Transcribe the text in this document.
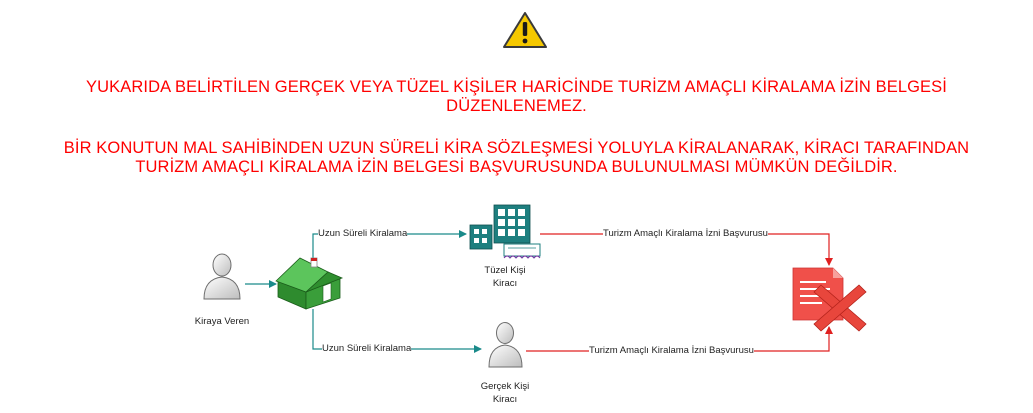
YUKARIDA BELİRTİLEN GERÇEK VEYA TÜZEL KİŞİLER HARİCİNDE TURİZM AMAÇLI KİRALAMA İZİN BELGESİ
DÜZENLENEMEZ.
BİR KONUTUN MAL SAHİBİNDEN UZUN SÜRELİ KİRA SÖZLEŞMESİ YOLUYLA KİRALANARAK, KİRACI TARAFINDAN
TURİZM AMAÇLI KİRALAMA İZİN BELGESİ BAŞVURUSUNDA BULUNULMASI MÜMKÜN DEĞİLDİR.
Uzun Süreli Kiralama
Uzun Süreli Kiralama
Turizm Amaçlı Kiralama İzni Başvurusu
Turizm Amaçlı Kiralama İzni Başvurusu
Kiraya Veren
Tüzel Kişi
Kiracı
Gerçek Kişi
Kiracı
